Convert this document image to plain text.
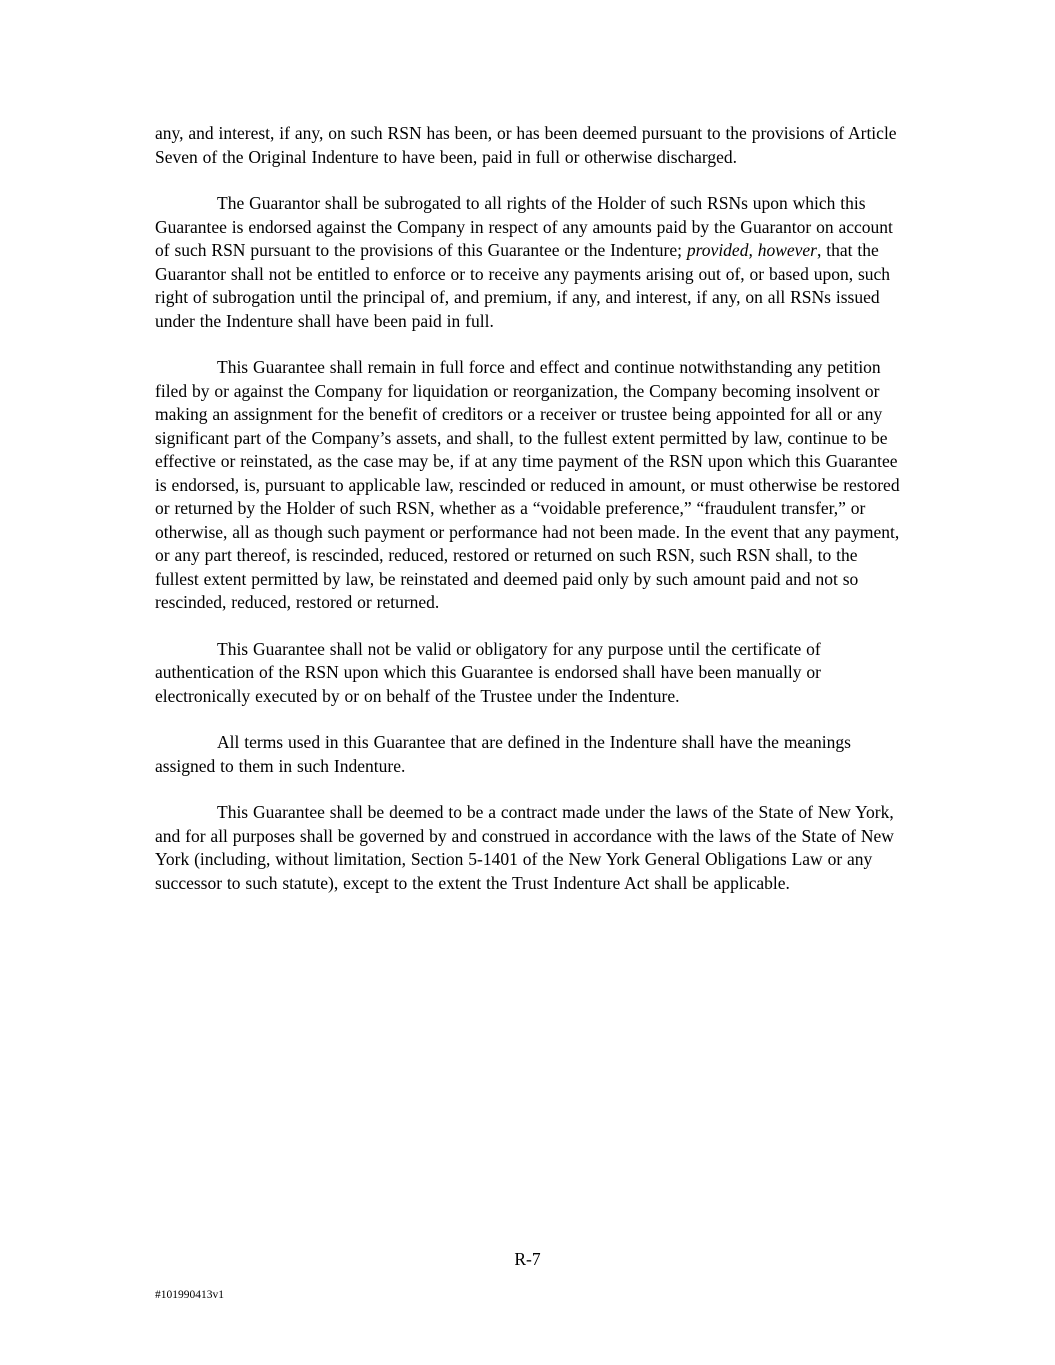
any, and interest, if any, on such RSN has been, or has been deemed pursuant to the provisions of Article Seven of the Original Indenture to have been, paid in full or otherwise discharged.

The Guarantor shall be subrogated to all rights of the Holder of such RSNs upon which this Guarantee is endorsed against the Company in respect of any amounts paid by the Guarantor on account of such RSN pursuant to the provisions of this Guarantee or the Indenture; provided, however, that the Guarantor shall not be entitled to enforce or to receive any payments arising out of, or based upon, such right of subrogation until the principal of, and premium, if any, and interest, if any, on all RSNs issued under the Indenture shall have been paid in full.

This Guarantee shall remain in full force and effect and continue notwithstanding any petition filed by or against the Company for liquidation or reorganization, the Company becoming insolvent or making an assignment for the benefit of creditors or a receiver or trustee being appointed for all or any significant part of the Company’s assets, and shall, to the fullest extent permitted by law, continue to be effective or reinstated, as the case may be, if at any time payment of the RSN upon which this Guarantee is endorsed, is, pursuant to applicable law, rescinded or reduced in amount, or must otherwise be restored or returned by the Holder of such RSN, whether as a “voidable preference,” “fraudulent transfer,” or otherwise, all as though such payment or performance had not been made. In the event that any payment, or any part thereof, is rescinded, reduced, restored or returned on such RSN, such RSN shall, to the fullest extent permitted by law, be reinstated and deemed paid only by such amount paid and not so rescinded, reduced, restored or returned.

This Guarantee shall not be valid or obligatory for any purpose until the certificate of authentication of the RSN upon which this Guarantee is endorsed shall have been manually or electronically executed by or on behalf of the Trustee under the Indenture.

All terms used in this Guarantee that are defined in the Indenture shall have the meanings assigned to them in such Indenture.

This Guarantee shall be deemed to be a contract made under the laws of the State of New York, and for all purposes shall be governed by and construed in accordance with the laws of the State of New York (including, without limitation, Section 5-1401 of the New York General Obligations Law or any successor to such statute), except to the extent the Trust Indenture Act shall be applicable.

R-7
#101990413v1
